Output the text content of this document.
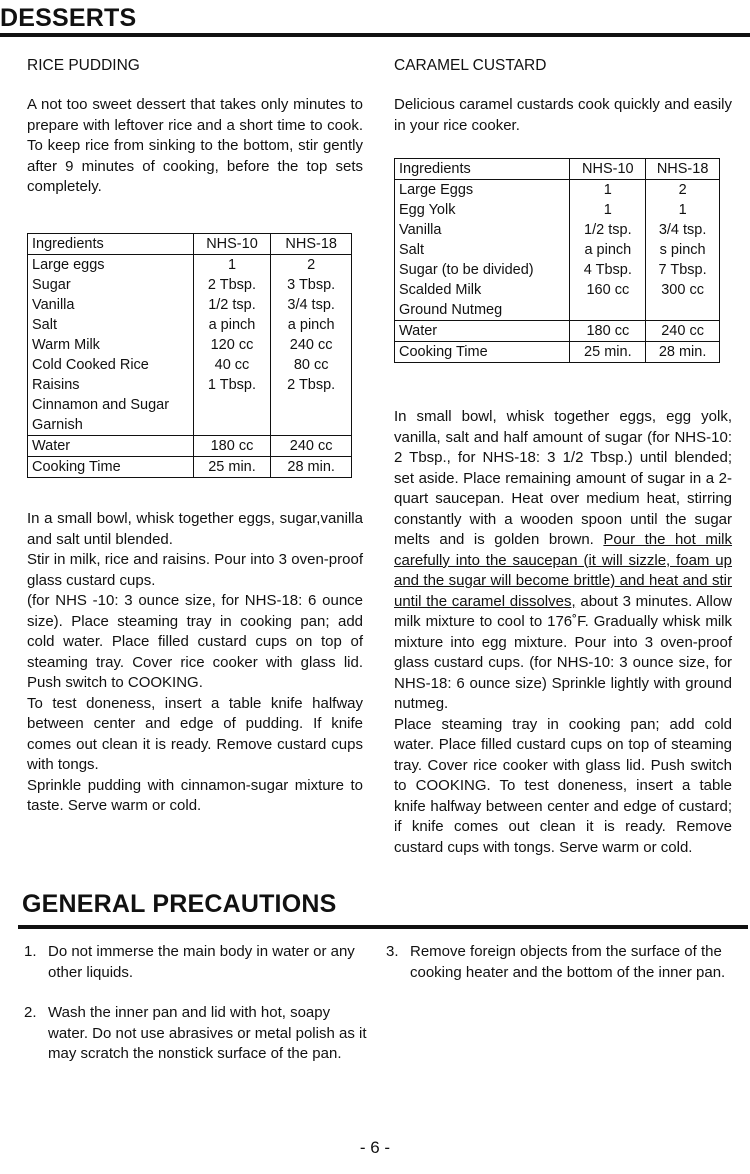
DESSERTS
RICE PUDDING
A not too sweet dessert that takes only minutes to prepare with leftover rice and a short time to cook. To keep rice from sinking to the bottom, stir gently after 9 minutes of cooking, before the top sets completely.
Ingredients	NHS-10	NHS-18
Large eggs	1	2
Sugar	2 Tbsp.	3 Tbsp.
Vanilla	1/2 tsp.	3/4 tsp.
Salt	a pinch	a pinch
Warm Milk	120 cc	240 cc
Cold Cooked Rice	40 cc	80 cc
Raisins	1 Tbsp.	2 Tbsp.
Cinnamon and Sugar		
Garnish		
Water	180 cc	240 cc
Cooking Time	25 min.	28 min.
In a small bowl, whisk together eggs, sugar,vanilla and salt until blended.
Stir in milk, rice and raisins. Pour into 3 oven-proof glass custard cups.
(for NHS -10: 3 ounce size, for NHS-18: 6 ounce size). Place steaming tray in cooking pan; add cold water. Place filled custard cups on top of steaming tray. Cover rice cooker with glass lid. Push switch to COOKING.
To test doneness, insert a table knife halfway between center and edge of pudding. If knife comes out clean it is ready. Remove custard cups with tongs.
Sprinkle pudding with cinnamon-sugar mixture to taste. Serve warm or cold.
CARAMEL CUSTARD
Delicious caramel custards cook quickly and easily in your rice cooker.
Ingredients	NHS-10	NHS-18
Large Eggs	1	2
Egg Yolk	1	1
Vanilla	1/2 tsp.	3/4 tsp.
Salt	a pinch	s pinch
Sugar (to be divided)	4 Tbsp.	7 Tbsp.
Scalded Milk	160 cc	300 cc
Ground Nutmeg		
Water	180 cc	240 cc
Cooking Time	25 min.	28 min.
In small bowl, whisk together eggs, egg yolk, vanilla, salt and half amount of sugar (for NHS-10: 2 Tbsp., for NHS-18: 3 1/2 Tbsp.) until blended; set aside. Place remaining amount of sugar in a 2-quart saucepan. Heat over medium heat, stirring constantly with a wooden spoon until the sugar melts and is golden brown. Pour the hot milk carefully into the saucepan (it will sizzle, foam up and the sugar will become brittle) and heat and stir until the caramel dissolves, about 3 minutes. Allow milk mixture to cool to 176˚F. Gradually whisk milk mixture into egg mixture. Pour into 3 oven-proof glass custard cups. (for NHS-10: 3 ounce size, for NHS-18: 6 ounce size) Sprinkle lightly with ground nutmeg.
Place steaming tray in cooking pan; add cold water. Place filled custard cups on top of steaming tray. Cover rice cooker with glass lid. Push switch to COOKING. To test doneness, insert a table knife halfway between center and edge of custard; if knife comes out clean it is ready. Remove custard cups with tongs. Serve warm or cold.
GENERAL PRECAUTIONS
1. Do not immerse the main body in water or any other liquids.
2. Wash the inner pan and lid with hot, soapy water. Do not use abrasives or metal polish as it may scratch the nonstick surface of the pan.
3. Remove foreign objects from the surface of the cooking heater and the bottom of the inner pan.
- 6 -
